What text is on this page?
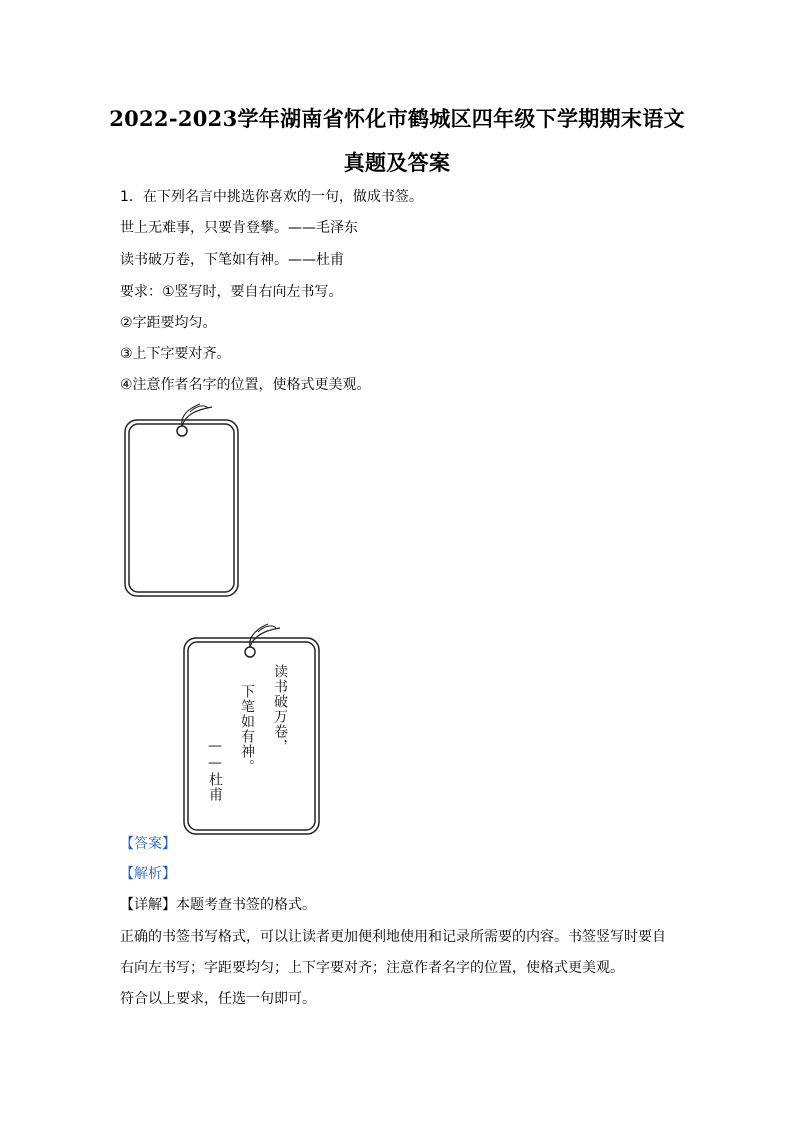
2022-2023学年湖南省怀化市鹤城区四年级下学期期末语文
真题及答案
1．在下列名言中挑选你喜欢的一句，做成书签。
世上无难事，只要肯登攀。——毛泽东
读书破万卷，下笔如有神。——杜甫
要求：①竖写时，要自右向左书写。
②字距要均匀。
③上下字要对齐。
④注意作者名字的位置，使格式更美观。
读书破万卷，
下笔如有神。
——杜甫
【答案】
【解析】
【详解】本题考查书签的格式。
正确的书签书写格式，可以让读者更加便利地使用和记录所需要的内容。书签竖写时要自
右向左书写；字距要均匀；上下字要对齐；注意作者名字的位置，使格式更美观。
符合以上要求，任选一句即可。
